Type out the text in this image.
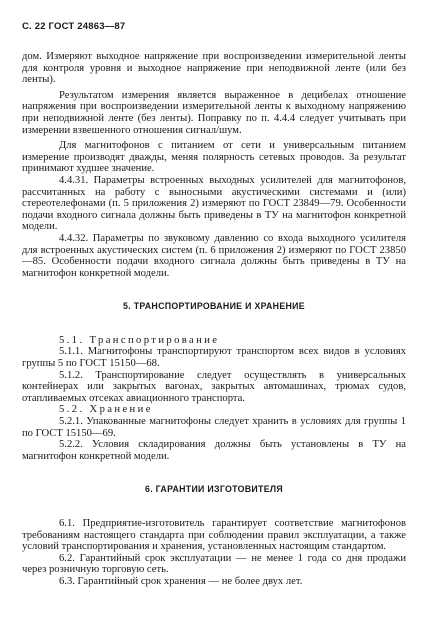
С. 22 ГОСТ 24863—87

дом. Измеряют выходное напряжение при воспроизведении измерительной ленты для контроля уровня и выходное напряжение при неподвижной ленте (или без ленты).

Результатом измерения является выраженное в децибелах отношение напряжения при воспроизведении измерительной ленты к выходному напряжению при неподвижной ленте (без ленты). Поправку по п. 4.4.4 следует учитывать при измерении взвешенного отношения сигнал/шум.

Для магнитофонов с питанием от сети и универсальным питанием измерение производят дважды, меняя полярность сетевых проводов. За результат принимают худшее значение.

4.4.31. Параметры встроенных выходных усилителей для магнитофонов, рассчитанных на работу с выносными акустическими системами и (или) стереотелефонами (п. 5 приложения 2) измеряют по ГОСТ 23849—79. Особенности подачи входного сигнала должны быть приведены в ТУ на магнитофон конкретной модели.

4.4.32. Параметры по звуковому давлению со входа выходного усилителя для встроенных акустических систем (п. 6 приложения 2) измеряют по ГОСТ 23850—85. Особенности подачи входного сигнала должны быть приведены в ТУ на магнитофон конкретной модели.

5. ТРАНСПОРТИРОВАНИЕ И ХРАНЕНИЕ

5.1. Транспортирование

5.1.1. Магнитофоны транспортируют транспортом всех видов в условиях группы 5 по ГОСТ 15150—68.

5.1.2. Транспортирование следует осуществлять в универсальных контейнерах или закрытых вагонах, закрытых автомашинах, трюмах судов, отапливаемых отсеках авиационного транспорта.

5.2. Хранение

5.2.1. Упакованные магнитофоны следует хранить в условиях для группы 1 по ГОСТ 15150—69.

5.2.2. Условия складирования должны быть установлены в ТУ на магнитофон конкретной модели.

6. ГАРАНТИИ ИЗГОТОВИТЕЛЯ

6.1. Предприятие-изготовитель гарантирует соответствие магнитофонов требованиям настоящего стандарта при соблюдении правил эксплуатации, а также условий транспортирования и хранения, установленных настоящим стандартом.

6.2. Гарантийный срок эксплуатации — не менее 1 года со дня продажи через розничную торговую сеть.

6.3. Гарантийный срок хранения — не более двух лет.
